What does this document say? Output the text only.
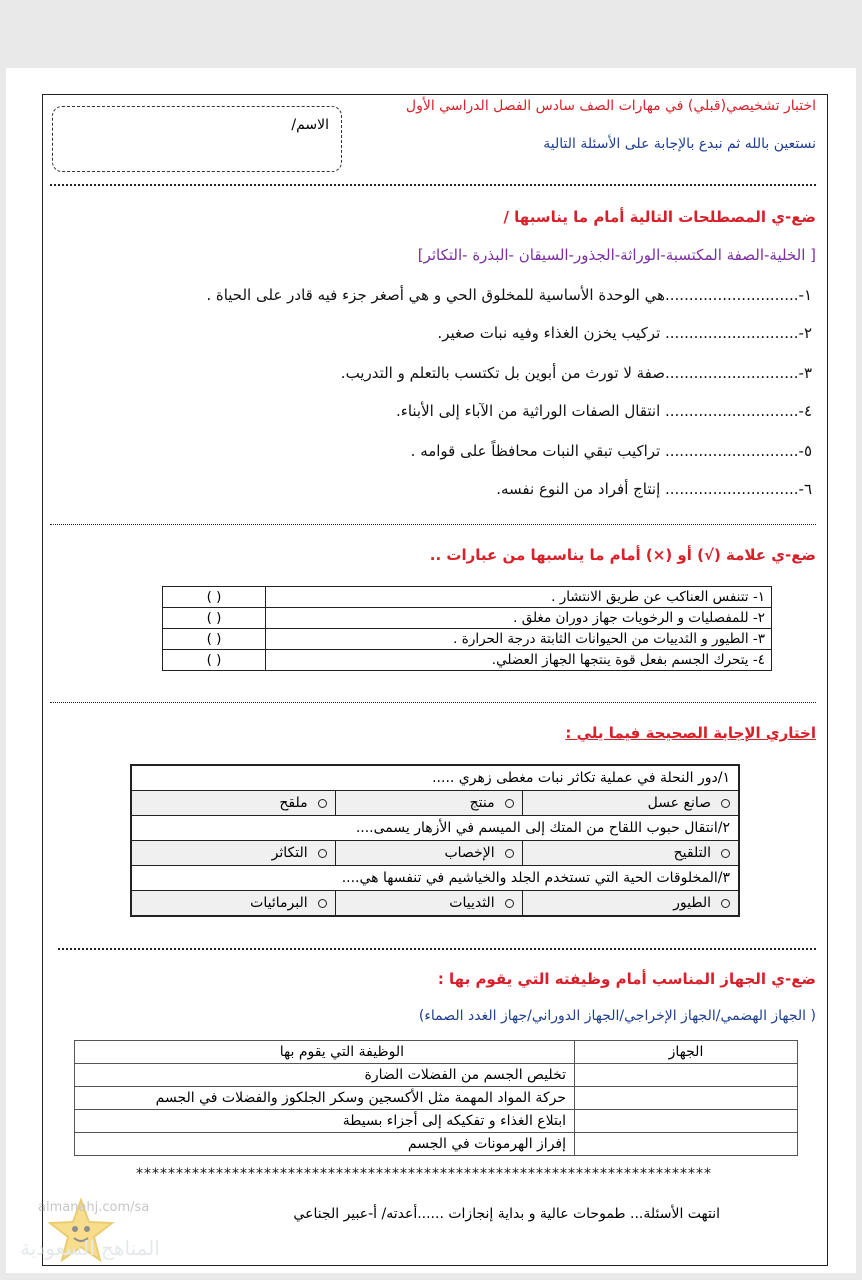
اختبار تشخيصي(قبلي) في مهارات الصف سادس الفصل الدراسي الأول
نستعين بالله ثم نبدع بالإجابة على الأسئلة التالية
الاسم/
ضع-ي المصطلحات التالية أمام ما يناسبها /
[ الخلية-الصفة المكتسبة-الوراثة-الجذور-السيقان -البذرة -التكاثر]
١-............................هي الوحدة الأساسية للمخلوق الحي و هي أصغر جزء فيه قادر على الحياة .
٢-............................ تركيب يخزن الغذاء وفيه نبات صغير.
٣-............................صفة لا تورث من أبوين بل تكتسب بالتعلم و التدريب.
٤-............................ انتقال الصفات الوراثية من الآباء إلى الأبناء.
٥-............................ تراكيب تبقي النبات محافظاً على قوامه .
٦-............................ إنتاج أفراد من النوع نفسه.
ضع-ي علامة (√) أو (×) أمام ما يناسبها من عبارات ..
١- تتنفس العناكب عن طريق الانتشار .	( )
٢- للمفصليات و الرخويات جهاز دوران مغلق .	( )
٣- الطيور و الثدييات من الحيوانات الثابتة درجة الحرارة .	( )
٤- يتحرك الجسم بفعل قوة ينتجها الجهاز العضلي.	( )
اختاري الإجابة الصحيحة فيما يلي :
١/دور النحلة في عملية تكاثر نبات مغطى زهري .....		
صانع عسل	منتج	ملقح
٢/انتقال حبوب اللقاح من المتك إلى الميسم في الأزهار يسمى....		
التلقيح	الإخصاب	التكاثر
٣/المخلوقات الحية التي تستخدم الجلد والخياشيم في تنفسها هي....		
الطيور	الثدييات	البرمائيات
ضع-ي الجهاز المناسب أمام وظيفته التي يقوم بها :
( الجهاز الهضمي/الجهاز الإخراجي/الجهاز الدوراني/جهاز الغدد الصماء)
الجهاز	الوظيفة التي يقوم بها
	تخليص الجسم من الفضلات الضارة
	حركة المواد المهمة مثل الأكسجين وسكر الجلكوز والفضلات في الجسم
	ابتلاع الغذاء و تفكيكه إلى أجزاء بسيطة
	إفراز الهرمونات في الجسم
************************************************************************
انتهت الأسئلة... طموحات عالية و بداية إنجازات ......أعدته/ أ-عبير الجناعي
almanahj.com/sa
المناهج السعودية
